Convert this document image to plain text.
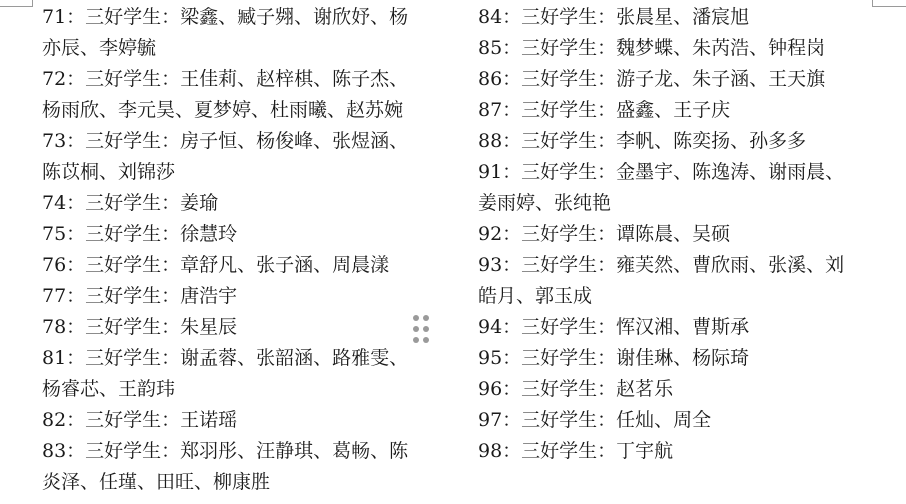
71：三好学生：梁鑫、臧子翙、谢欣妤、杨
亦辰、李婷毓
72：三好学生：王佳莉、赵梓棋、陈子杰、
杨雨欣、李元昊、夏梦婷、杜雨曦、赵苏婉
73：三好学生：房子恒、杨俊峰、张煜涵、
陈苡桐、刘锦莎
74：三好学生：姜瑜
75：三好学生：徐慧玲
76：三好学生：章舒凡、张子涵、周晨漾
77：三好学生：唐浩宇
78：三好学生：朱星辰
81：三好学生：谢孟蓉、张韶涵、路雅雯、
杨睿芯、王韵玮
82：三好学生：王诺瑶
83：三好学生：郑羽彤、汪静琪、葛畅、陈
炎泽、任瑾、田旺、柳康胜
84：三好学生：张晨星、潘宸旭
85：三好学生：魏梦蝶、朱芮浩、钟程岗
86：三好学生：游子龙、朱子涵、王天旗
87：三好学生：盛鑫、王子庆
88：三好学生：李帆、陈奕扬、孙多多
91：三好学生：金墨宇、陈逸涛、谢雨晨、
姜雨婷、张纯艳
92：三好学生：谭陈晨、吴硕
93：三好学生：雍芙然、曹欣雨、张溪、刘
皓月、郭玉成
94：三好学生：恽汉湘、曹斯承
95：三好学生：谢佳琳、杨际琦
96：三好学生：赵茗乐
97：三好学生：任灿、周全
98：三好学生：丁宇航
